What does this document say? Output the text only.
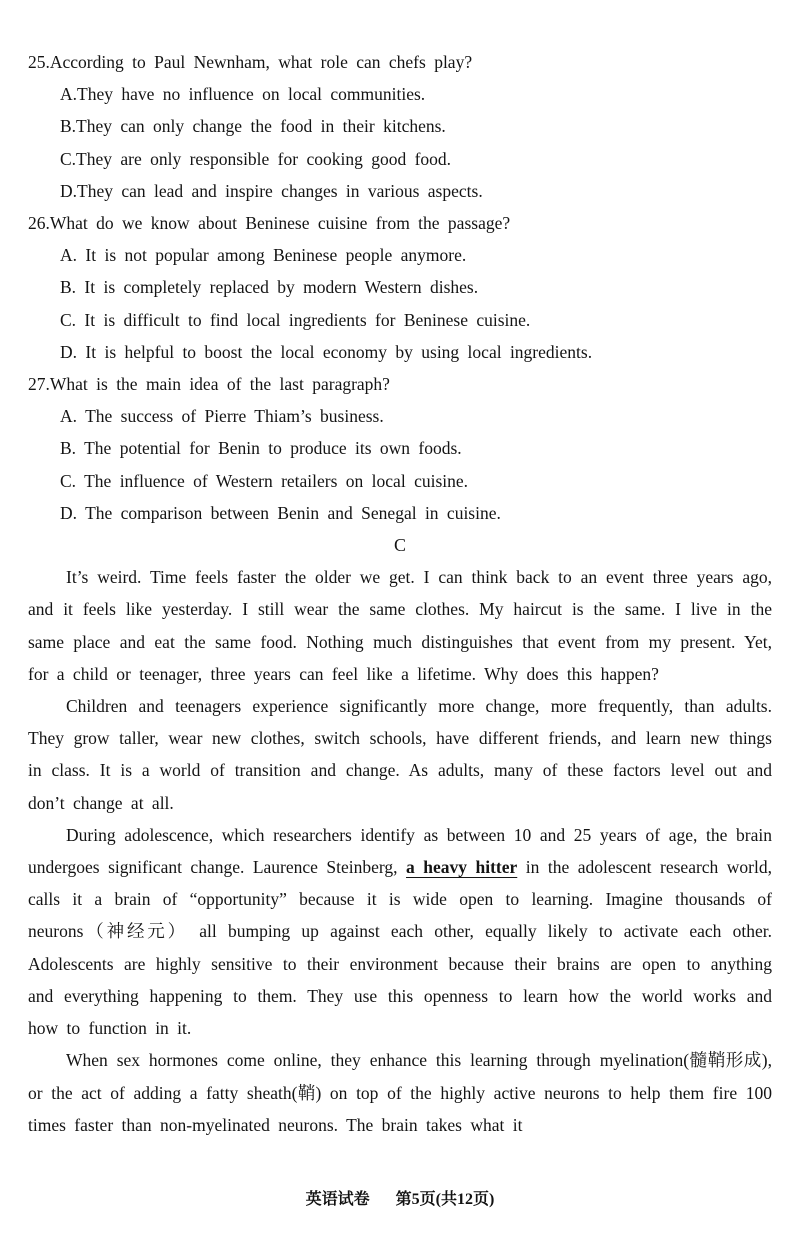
25.According to Paul Newnham, what role can chefs play?

A.They have no influence on local communities.

B.They can only change the food in their kitchens.

C.They are only responsible for cooking good food.

D.They can lead and inspire changes in various aspects.

26.What do we know about Beninese cuisine from the passage?

A. It is not popular among Beninese people anymore.

B. It is completely replaced by modern Western dishes.

C. It is difficult to find local ingredients for Beninese cuisine.

D. It is helpful to boost the local economy by using local ingredients.

27.What is the main idea of the last paragraph?

A. The success of Pierre Thiam’s business.

B. The potential for Benin to produce its own foods.

C. The influence of Western retailers on local cuisine.

D. The comparison between Benin and Senegal in cuisine.

C

It’s weird. Time feels faster the older we get. I can think back to an event three years ago, and it feels like yesterday. I still wear the same clothes. My haircut is the same. I live in the same place and eat the same food. Nothing much distinguishes that event from my present. Yet, for a child or teenager, three years can feel like a lifetime. Why does this happen?

Children and teenagers experience significantly more change, more frequently, than adults. They grow taller, wear new clothes, switch schools, have different friends, and learn new things in class. It is a world of transition and change. As adults, many of these factors level out and don’t change at all.

During adolescence, which researchers identify as between 10 and 25 years of age, the brain undergoes significant change. Laurence Steinberg, a heavy hitter in the adolescent research world, calls it a brain of “opportunity” because it is wide open to learning. Imagine thousands of neurons（神经元） all bumping up against each other, equally likely to activate each other. Adolescents are highly sensitive to their environment because their brains are open to anything and everything happening to them. They use this openness to learn how the world works and how to function in it.

When sex hormones come online, they enhance this learning through myelination(髓鞘形成), or the act of adding a fatty sheath(鞘) on top of the highly active neurons to help them fire 100 times faster than non-myelinated neurons. The brain takes what it

英语试卷 第5页(共12页)
